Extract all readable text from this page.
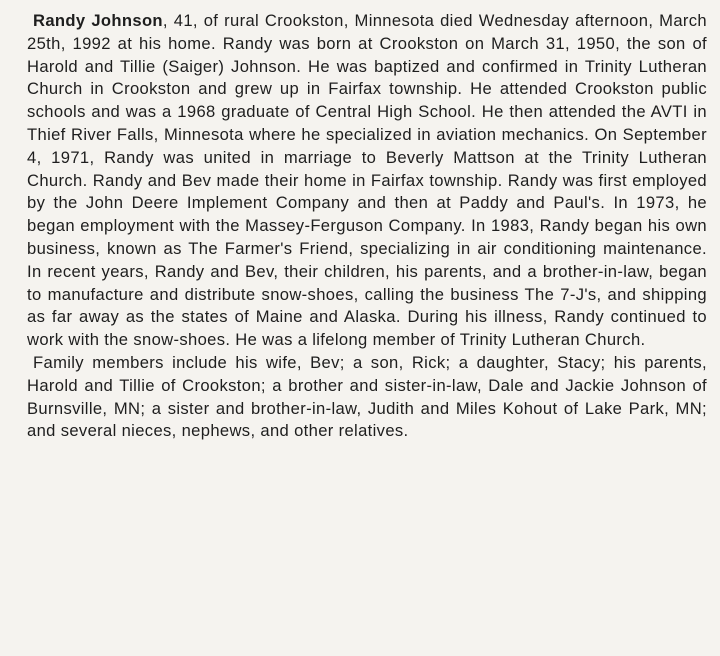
Randy Johnson, 41, of rural Crookston, Minnesota died Wednesday afternoon, March 25th, 1992 at his home. Randy was born at Crookston on March 31, 1950, the son of Harold and Tillie (Saiger) Johnson. He was baptized and confirmed in Trinity Lutheran Church in Crookston and grew up in Fairfax township. He attended Crookston public schools and was a 1968 graduate of Central High School. He then attended the AVTI in Thief River Falls, Minnesota where he specialized in aviation mechanics. On September 4, 1971, Randy was united in marriage to Beverly Mattson at the Trinity Lutheran Church. Randy and Bev made their home in Fairfax township. Randy was first employed by the John Deere Implement Company and then at Paddy and Paul's. In 1973, he began employment with the Massey-Ferguson Company. In 1983, Randy began his own business, known as The Farmer's Friend, specializing in air conditioning maintenance. In recent years, Randy and Bev, their children, his parents, and a brother-in-law, began to manufacture and distribute snow-shoes, calling the business The 7-J's, and shipping as far away as the states of Maine and Alaska. During his illness, Randy continued to work with the snow-shoes. He was a lifelong member of Trinity Lutheran Church.

Family members include his wife, Bev; a son, Rick; a daughter, Stacy; his parents, Harold and Tillie of Crookston; a brother and sister-in-law, Dale and Jackie Johnson of Burnsville, MN; a sister and brother-in-law, Judith and Miles Kohout of Lake Park, MN; and several nieces, nephews, and other relatives.
